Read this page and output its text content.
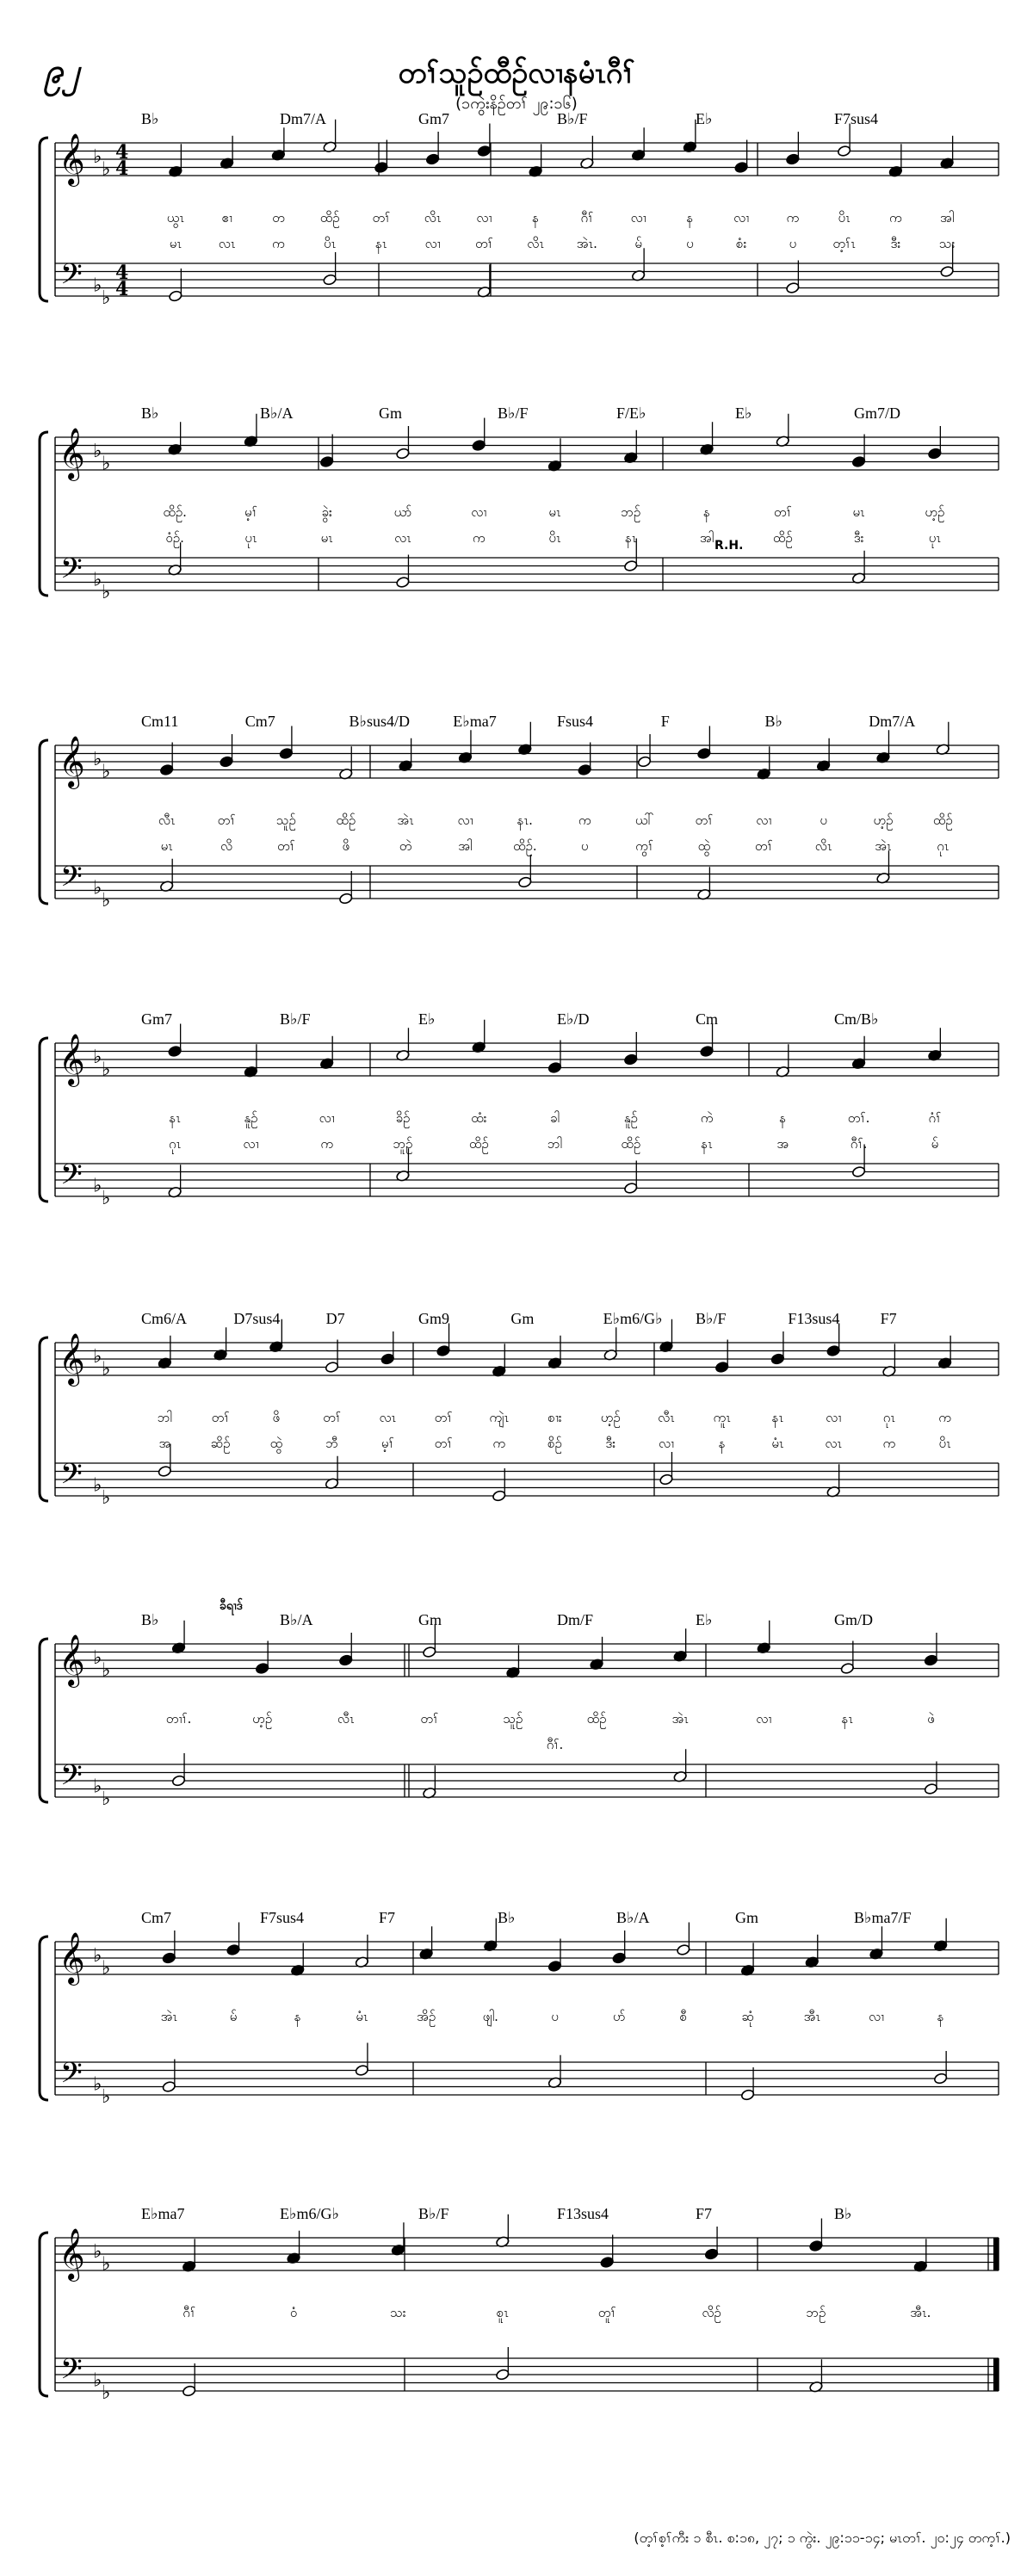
၉၂	တၢ်သူဉ်ထီဉ်လၢနမံၤဂီၢ်
(၁ကွဲး‌နိဉ်တၢ် ၂၉:၁၆)
𝄞
𝄢
♭
♭
♭
♭
4
4
4
4
B♭	Dm7/A	Gm7	B♭/F	E♭	F7sus4
ယွၤ	ဧၢ	တ	ထိဉ်	တၢ်	လိၤ	လၢ	န	ဂီၢ်	လၢ	န	လၢ	က	ပိၤ	က	အါ
မၤ	လၤ	က	ပိၤ	နၤ	လၢ	တၢ်	လိၤ	အဲၤ.	မ်	ပ	စံး	ပ	တ့ၢ်ၤ	ဒီး	သး
𝄞
𝄢
♭
♭
♭
♭
B♭	B♭/A	Gm	B♭/F	F/E♭	E♭	Gm7/D
R.H.
ထိဉ်.	မ့ၢ်	ခွဲး	ယာ်	လၢ	မၤ	ဘဉ်	န	တၢ်	မၤ	ဟ့ဉ်
ဝံဉ်.	ပုၤ	မၤ	လၤ	က	ပိၤ	နၤ	အါ	ထိဉ်	ဒီး	ပုၤ
𝄞
𝄢
♭
♭
♭
♭
Cm11	Cm7	B♭sus4/D	E♭ma7	Fsus4	F	B♭	Dm7/A
လီၤ	တၢ်	သူဉ်	ထိဉ်	အဲၤ	လၢ	နၤ.	က	ယါ်	တၢ်	လၢ	ပ	ဟ့ဉ်	ထိဉ်
မၤ	လိ	တၢ်	ဖိ	တဲ	အါ	ထိဉ်.	ပ	ကွၢ်	ထွဲ	တၢ်	လိၤ	အဲၤ	ဂုၤ
𝄞
𝄢
♭
♭
♭
♭
Gm7	B♭/F	E♭	E♭/D	Cm	Cm/B♭
နၤ	နူဉ်	လၢ	ခိဉ်	ထံး	ခါ	နူဉ်	ကဲ	န	တၢ်.	ဂံၢ်
ဂုၤ	လၢ	က	ဘူဉ်	ထိဉ်	ဘါ	ထိဉ်	နၤ	အ	ဂီၢ်.	မ်
𝄞
𝄢
♭
♭
♭
♭
Cm6/A	D7sus4	D7	Gm9	Gm	E♭m6/G♭ B♭/F	F13sus4	F7
ဘါ	တၢ်	ဖိ	တၢ်	လၤ	တၢ်	ကျဲၤ	စၢး	ဟ့ဉ်	လီၤ	ကူၤ	နၤ	လၢ	ဂုၤ	က
အ	ဆိဉ်	ထွဲ	ဘီ	မ့ၢ်	တၢ်	က	စိဉ်	ဒီး	လၢ	န	မံၤ	လၤ	က	ပိၤ
𝄞
𝄢
♭
♭
♭
♭
B♭	B♭/A	Gm	Dm/F	E♭	Gm/D
ခီရၢဒ်
တၢၢ်.	ဟ့ဉ်	လီၤ	တၢ်	သူဉ်	ထိဉ်	အဲၤ	လၢ	နၤ	ဖဲ
ဂီၢ်.
𝄞
𝄢
♭
♭
♭
♭
Cm7	F7sus4	F7	B♭	B♭/A	Gm	B♭ma7/F
အဲၤ	မ်	န	မံၤ	အိဉ်	ဖျါ.	ပ	ပာ်	စီ	ဆုံ	အီၤ	လၢ	န
𝄞
𝄢
♭
♭
♭
♭
E♭ma7	E♭m6/G♭	B♭/F	F13sus4	F7	B♭
ဂီၢ်	ဝံ	သး	စူၤ	တူၢ်	လိဉ်	ဘဉ်	အီၤ.
(တ့ၢ်စ့ၢ်ကီး ၁ စီၤ. စ:၁၈, ၂၇; ၁ ကွဲး. ၂၉:၁၁-၁၄; မၤတၢ်. ၂၀:၂၄ တက့ၢ်.)
